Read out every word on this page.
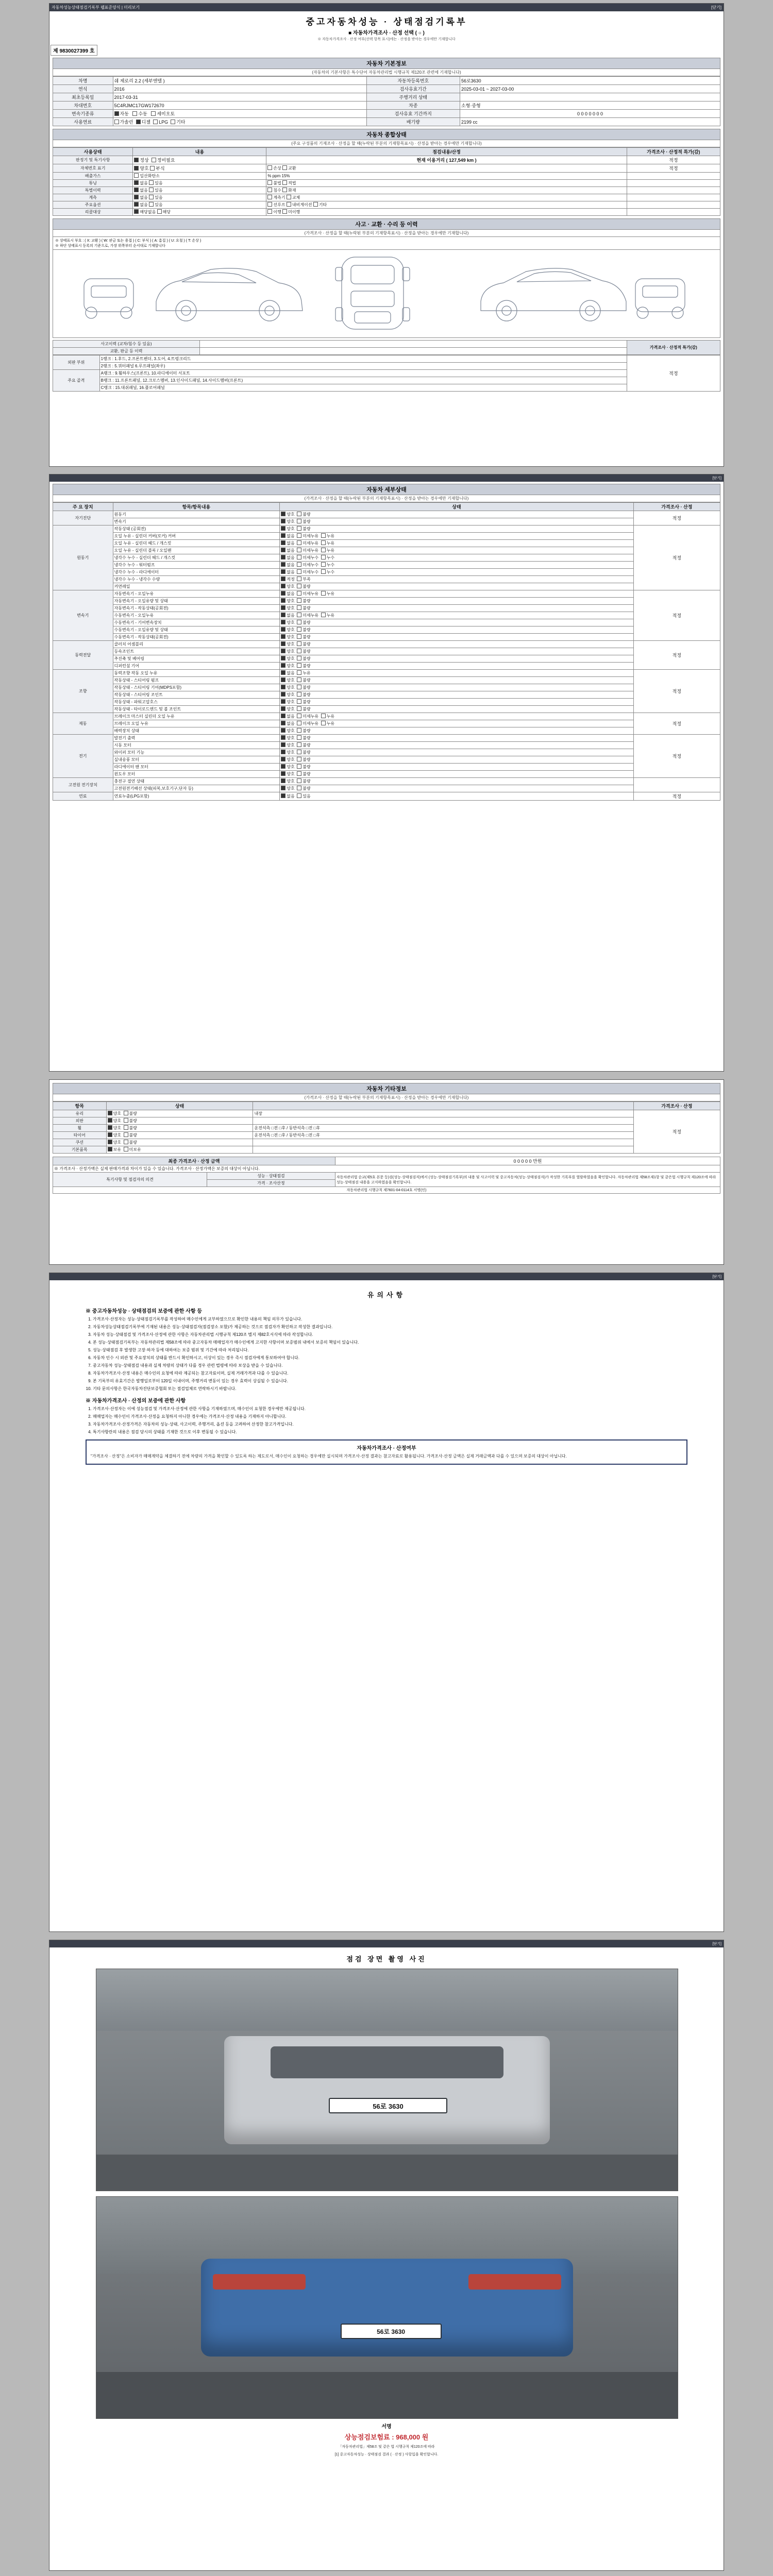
자동차성능상태점검기록부 웹표준양식 | 미리보기	[닫기]
중고자동차성능 · 상태점검기록부
■ 자동차가격조사 · 산정 선택 ( ○ )
※ 자동차가격조사 · 산정 여부(선택 항목 표시)에는 · 산정을 받아는 경우에만 기재합니다
제 9830027399 호
자동차 기본정보
(자동차의 기본사항은 특수단어 자동차관리법 시행규칙 제120조 관련에 기재합니다)
차명	쉐 제로리 2.2 (세부엔텔 )	자동차등록번호	56로3630
연식	2016	검사유효기간	2025-03-01 ~ 2027-03-00
최초등록일	2017-03-31	주행거리 상태	
차대번호	5C4RJMC17GW172670	차종	소형·중형
변속기종류	자동 수동 세미오토	검사유효 기간까지	0 0 0 0 0 0 0
사용연료	가솔린 디젤 LPG 기타	배기량	2199 cc
자동차 종합상태
(주요 구성품의 기재조사 · 산정을 할 때(누락된 부분의 기재항목표시) · 산정을 받아는 경우에만 기재합니다)
사용상태	내용	점검내용/산정	가격조사 · 산정적 특가(감)
판정기 및 특기사항	정상 정비필요	현재 이용거리 ( 127,549 km )	적정
자체번호 표기	양호 부식	손상 교환	적정
배출가스	일산화탄소	% ppm 15%	
튜닝	없음 있음	불법 적법	
특별이력	없음 있음	침수 화재	
계측	없음 있음	계측기 교체	
주요옵션	없음 있음	선루프 내비게이션 기타	
리콜대상	해당없음 해당	이행 미이행	
사고 · 교환 · 수리 등 이력
(가격조사 · 산정을 할 때(누락된 부분의 기재항목표시) · 산정을 받아는 경우에만 기재합니다)
※ 상태표시 부호 : ( X: 교환 ) ( W: 판금 또는 용접 ) ( C: 부식 ) ( A: 흠집 ) ( U: 요철 ) ( T: 손상 )
※ 하단 상태표시 등록의 기준으로, 가장 위쪽부터 순서대로 기재합니다
사고이력 (교차/침수 등 있음)		가격조사 · 산정적 특가(감)
교환, 판금 등 이력		
외판 부위	1랭크 : 1.후드, 2.프론트펜더, 3.도어, 4.트렁크리드	적정
	2랭크 : 5.쿼터패널 6.루프패널(좌우)	
주요 골격	A랭크 : 9.휠하우스(프론트), 10.라디에이터 서포트	
	B랭크 : 11.프론트패널, 12.크로스멤버, 13.인사이드패널, 14.사이드멤버(프론트)	
	C랭크 : 15.대쉬패널, 16.플로어패널	
[닫기]
자동차 세부상태
(가격조사 · 산정을 할 때(누락된 부분의 기재항목표시) · 산정을 받아는 경우에만 기재합니다)
주 요 장치	항목/항목내용	상태	가격조사 · 산정
자기진단	원동기	양호 불량	적정
	변속기	양호 불량	
원동기	작동상태 (공회전)	양호 불량	적정
	오일 누유 - 실린더 커버(로커) 커버	없음 미세누유 누유	
	오일 누유 - 실린더 헤드 / 개스킷	없음 미세누유 누유	
	오일 누유 - 실린더 블록 / 오일팬	없음 미세누유 누유	
	냉각수 누수 - 실린더 헤드 / 개스킷	없음 미세누수 누수	
	냉각수 누수 - 워터펌프	없음 미세누수 누수	
	냉각수 누수 - 라디에이터	없음 미세누수 누수	
	냉각수 누수 - 냉각수 수량	적정 부족	
	커먼레일	양호 불량	
변속기	자동변속기 - 오일누유	없음 미세누유 누유	적정
	자동변속기 - 오일유량 및 상태	양호 불량	
	자동변속기 - 작동상태(공회전)	양호 불량	
	수동변속기 - 오일누유	없음 미세누유 누유	
	수동변속기 - 기어변속장치	양호 불량	
	수동변속기 - 오일유량 및 상태	양호 불량	
	수동변속기 - 작동상태(공회전)	양호 불량	
동력전달	클러치 어셈블리	양호 불량	적정
	등속조인트	양호 불량	
	추진축 및 베어링	양호 불량	
	디퍼런셜 기어	양호 불량	
조향	동력조향 작동 오일 누유	없음 누유	적정
	작동상태 - 스티어링 펌프	양호 불량	
	작동상태 - 스티어링 기어(MDPS포함)	양호 불량	
	작동상태 - 스티어링 조인트	양호 불량	
	작동상태 - 파워고압호스	양호 불량	
	작동상태 - 타이로드엔드 및 볼 조인트	양호 불량	
제동	브레이크 마스터 실린더 오일 누유	없음 미세누유 누유	적정
	브레이크 오일 누유	없음 미세누유 누유	
	배력장치 상태	양호 불량	
전기	발전기 출력	양호 불량	적정
	시동 모터	양호 불량	
	와이퍼 모터 기능	양호 불량	
	실내송풍 모터	양호 불량	
	라디에이터 팬 모터	양호 불량	
	윈도우 모터	양호 불량	
고전원 전기장치	충전구 절연 상태	양호 불량	
	고전원전기배선 상태(피복,보호기구,단자 등)	양호 불량	
연료	연료누출(LPG포함)	없음 있음	적정
자동차 기타정보
(가격조사 · 산정을 할 때(누락된 부분의 기재항목표시) · 산정을 받아는 경우에만 기재합니다)
항목	상태		가격조사 · 산정
유리	양호 불량	내장	적정
외판	양호 불량		
휠	양호 불량	운전석측 □전 □후 / 동반석측 □전 □후	
타이어	양호 불량	운전석측 □전 □후 / 동반석측 □전 □후	
쿠션	양호 불량		
기본품목	보유 미보유		
최종 가격조사 · 산정 금액		0 0 0 0 0 만원
※ 가격조사 · 산정가액은 실제 판매가격과 차이가 있을 수 있습니다. 가격조사 · 산정가액은 보증의 대상이 아닙니다.		
특기사항 및 점검자의 의견	성능 · 상태점검	자동차관리법 순교(제5호 본문 등)검(성능·상태점검자)에서 (성능·상태점검기록부)의 내용 및 사고이력 및 중고자동차(성능·상태점검자)가 작성한 기록부를 열람하였음을 확인합니다. 자동차관리법 제58조제1항 및 같은법 시행규칙 제120조에 따라 성능·상태점검 내용을 고지하였음을 확인합니다.
	가격 · 조사산정	
자동차관리법 시행규칙 제7601-04-0114호 서명(인)		
[닫기]
유의사항
※ 중고자동차성능 · 상태점검의 보증에 관한 사항 등
1. 가격조사·산정자는 성능·상태점검기록부를 작성하여 매수인에게 교부하였으므로 확인한 내용의 책임 의무가 있습니다.
2. 자동차성능상태점검기록부에 기재된 내용은 성능·상태점검자(점검장소 포함)가 제공하는 것으로 점검자가 확인하고 작성한 결과입니다.
3. 자동차 성능·상태점검 및 가격조사·산정에 관한 사항은 자동차관리법 시행규칙 제120조 별지 제82호서식에 따라 작성합니다.
4. 본 성능·상태점검기록부는 자동차관리법 제58조에 따라 중고자동차 매매업자가 매수인에게 고지한 사항이며 보증범위 내에서 보증의 책임이 있습니다.
5. 성능·상태점검 후 발생한 고장·하자 등에 대하여는 보증 범위 및 기간에 따라 처리됩니다.
6. 자동차 인수 시 외관 및 주요장치의 상태를 반드시 확인하시고, 이상이 있는 경우 즉시 점검자에게 통보하여야 합니다.
7. 중고자동차 성능·상태점검 내용과 실제 차량의 상태가 다를 경우 관련 법령에 따라 보상을 받을 수 있습니다.
8. 자동차가격조사·산정 내용은 매수인의 요청에 따라 제공되는 참고자료이며, 실제 거래가격과 다를 수 있습니다.
9. 본 기록부의 유효기간은 발행일로부터 120일 이내이며, 주행거리 변동이 있는 경우 효력이 상실될 수 있습니다.
10. 기타 문의사항은 한국자동차진단보증협회 또는 점검업체로 연락하시기 바랍니다.
※ 자동차가격조사 · 산정의 보증에 관한 사항
1. 가격조사·산정자는 이에 성능점검 및 가격조사·산정에 관한 사항을 기재하였으며, 매수인이 요청한 경우에만 제공됩니다.
2. 매매업자는 매수인이 가격조사·산정을 요청하지 아니한 경우에는 가격조사·산정 내용을 기재하지 아니합니다.
3. 자동차가격조사·산정가격은 자동차의 성능·상태, 사고이력, 주행거리, 옵션 등을 고려하여 산정한 참고가격입니다.
4. 특기사항란의 내용은 점검 당시의 상태를 기재한 것으로 이후 변동될 수 있습니다.
자동차가격조사 · 산정여부

"가격조사 · 산정"은 소비자가 매매계약을 체결하기 전에 차량의 가격을 확인할 수 있도록 하는 제도로서, 매수인이 요청하는 경우에만 실시되며 가격조사·산정 결과는 참고자료로 활용됩니다. 가격조사·산정 금액은 실제 거래금액과 다를 수 있으며 보증의 대상이 아닙니다.

[닫기]
점검 장면 촬영 사진
56로 3630
56로 3630
서명
상능점검보험료 : 968,000 원
「자동차관리법」제58조 및 같은 법 시행규칙 제120조에 따라
[1] 중고자동차성능 · 상태점검 결과 ( · 산정 ) 사항입을 확인합니다.
